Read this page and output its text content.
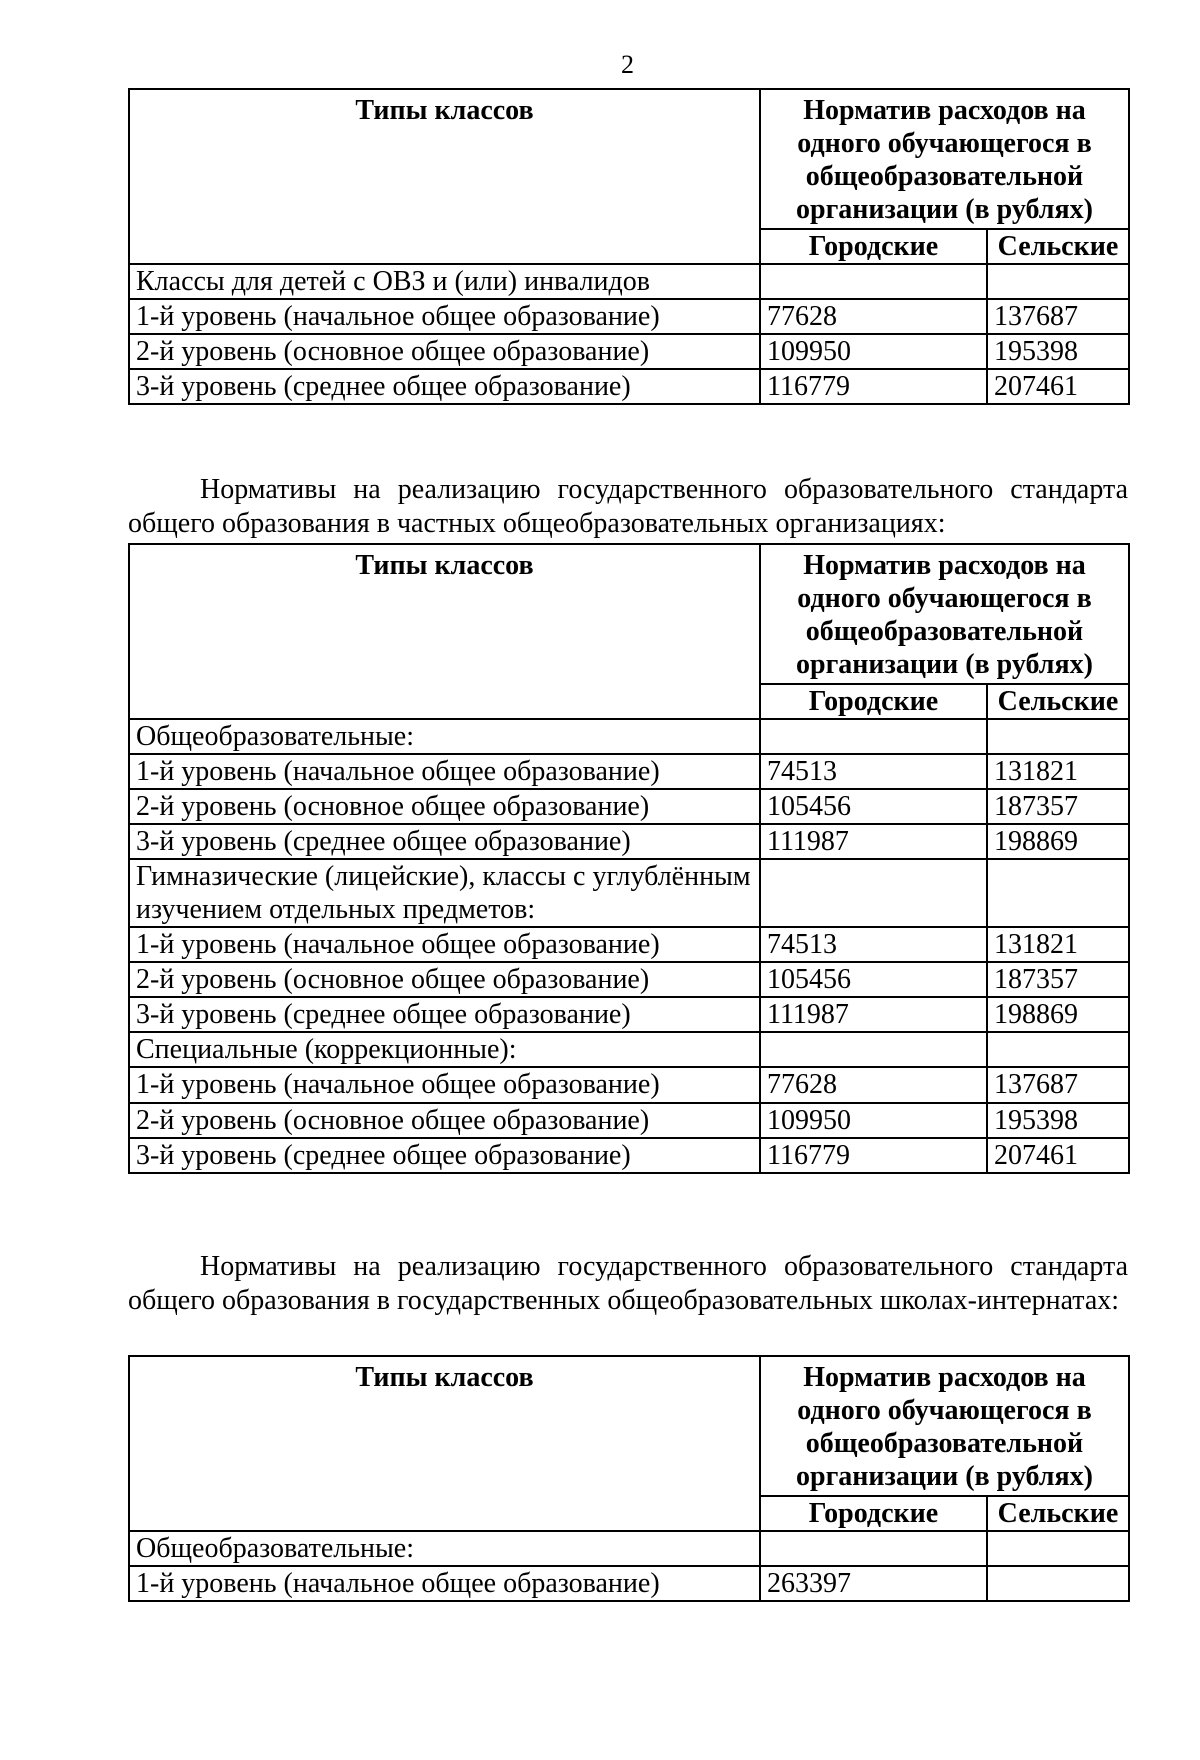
2
Типы классов	Норматив расходов на одного обучающегося в общеобразовательной организации (в рублях)	
	Городские	Сельские
Классы для детей с ОВЗ и (или) инвалидов		
1-й уровень (начальное общее образование)	77628	137687
2-й уровень (основное общее образование)	109950	195398
3-й уровень (среднее общее образование)	116779	207461

Нормативы на реализацию государственного образовательного стандарта общего образования в частных общеобразовательных организациях:

Типы классов	Норматив расходов на одного обучающегося в общеобразовательной организации (в рублях)	
	Городские	Сельские
Общеобразовательные:		
1-й уровень (начальное общее образование)	74513	131821
2-й уровень (основное общее образование)	105456	187357
3-й уровень (среднее общее образование)	111987	198869
Гимназические (лицейские), классы с углублённым изучением отдельных предметов:		
1-й уровень (начальное общее образование)	74513	131821
2-й уровень (основное общее образование)	105456	187357
3-й уровень (среднее общее образование)	111987	198869
Специальные (коррекционные):		
1-й уровень (начальное общее образование)	77628	137687
2-й уровень (основное общее образование)	109950	195398
3-й уровень (среднее общее образование)	116779	207461

Нормативы на реализацию государственного образовательного стандарта общего образования в государственных общеобразовательных школах-интернатах:

Типы классов	Норматив расходов на одного обучающегося в общеобразовательной организации (в рублях)	
	Городские	Сельские
Общеобразовательные:		
1-й уровень (начальное общее образование)	263397	
